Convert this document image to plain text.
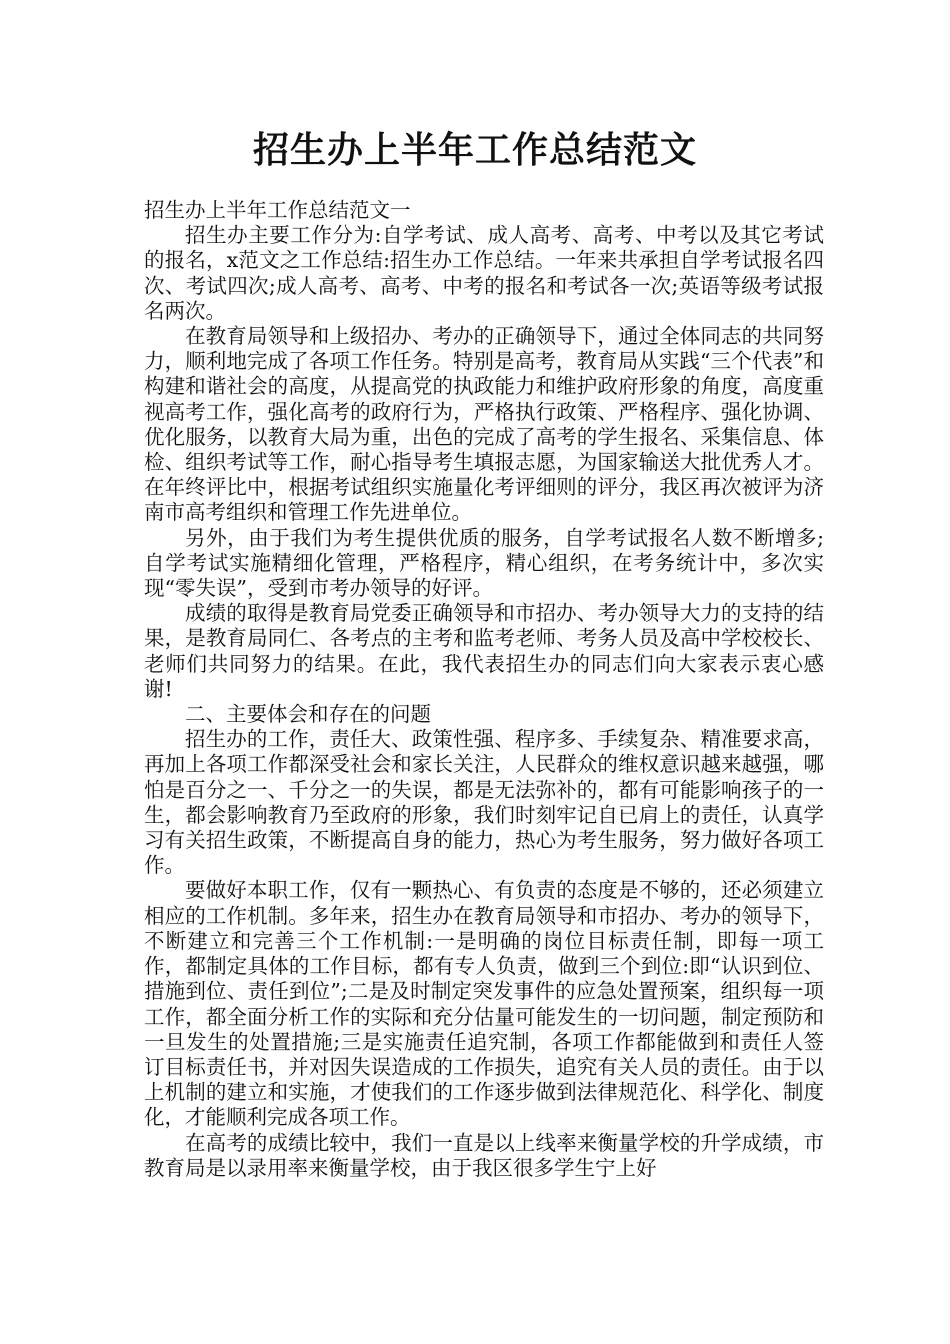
招生办上半年工作总结范文

招生办上半年工作总结范文一

招生办主要工作分为:自学考试、成人高考、高考、中考以及其它考试的报名，x范文之工作总结:招生办工作总结。一年来共承担自学考试报名四次、考试四次;成人高考、高考、中考的报名和考试各一次;英语等级考试报名两次。

在教育局领导和上级招办、考办的正确领导下，通过全体同志的共同努力，顺利地完成了各项工作任务。特别是高考，教育局从实践“三个代表”和构建和谐社会的高度，从提高党的执政能力和维护政府形象的角度，高度重视高考工作，强化高考的政府行为，严格执行政策、严格程序、强化协调、优化服务，以教育大局为重，出色的完成了高考的学生报名、采集信息、体检、组织考试等工作，耐心指导考生填报志愿，为国家输送大批优秀人才。在年终评比中，根据考试组织实施量化考评细则的评分，我区再次被评为济南市高考组织和管理工作先进单位。

另外，由于我们为考生提供优质的服务，自学考试报名人数不断增多;自学考试实施精细化管理，严格程序，精心组织，在考务统计中，多次实现“零失误”，受到市考办领导的好评。

成绩的取得是教育局党委正确领导和市招办、考办领导大力的支持的结果，是教育局同仁、各考点的主考和监考老师、考务人员及高中学校校长、老师们共同努力的结果。在此，我代表招生办的同志们向大家表示衷心感谢!

二、主要体会和存在的问题

招生办的工作，责任大、政策性强、程序多、手续复杂、精准要求高，再加上各项工作都深受社会和家长关注，人民群众的维权意识越来越强，哪怕是百分之一、千分之一的失误，都是无法弥补的，都有可能影响孩子的一生，都会影响教育乃至政府的形象，我们时刻牢记自已肩上的责任，认真学习有关招生政策，不断提高自身的能力，热心为考生服务，努力做好各项工作。

要做好本职工作，仅有一颗热心、有负责的态度是不够的，还必须建立相应的工作机制。多年来，招生办在教育局领导和市招办、考办的领导下，不断建立和完善三个工作机制:一是明确的岗位目标责任制，即每一项工作，都制定具体的工作目标，都有专人负责，做到三个到位:即“认识到位、措施到位、责任到位”;二是及时制定突发事件的应急处置预案，组织每一项工作，都全面分析工作的实际和充分估量可能发生的一切问题，制定预防和一旦发生的处置措施;三是实施责任追究制，各项工作都能做到和责任人签订目标责任书，并对因失误造成的工作损失，追究有关人员的责任。由于以上机制的建立和实施，才使我们的工作逐步做到法律规范化、科学化、制度化，才能顺利完成各项工作。

在高考的成绩比较中，我们一直是以上线率来衡量学校的升学成绩，市教育局是以录用率来衡量学校，由于我区很多学生宁上好
